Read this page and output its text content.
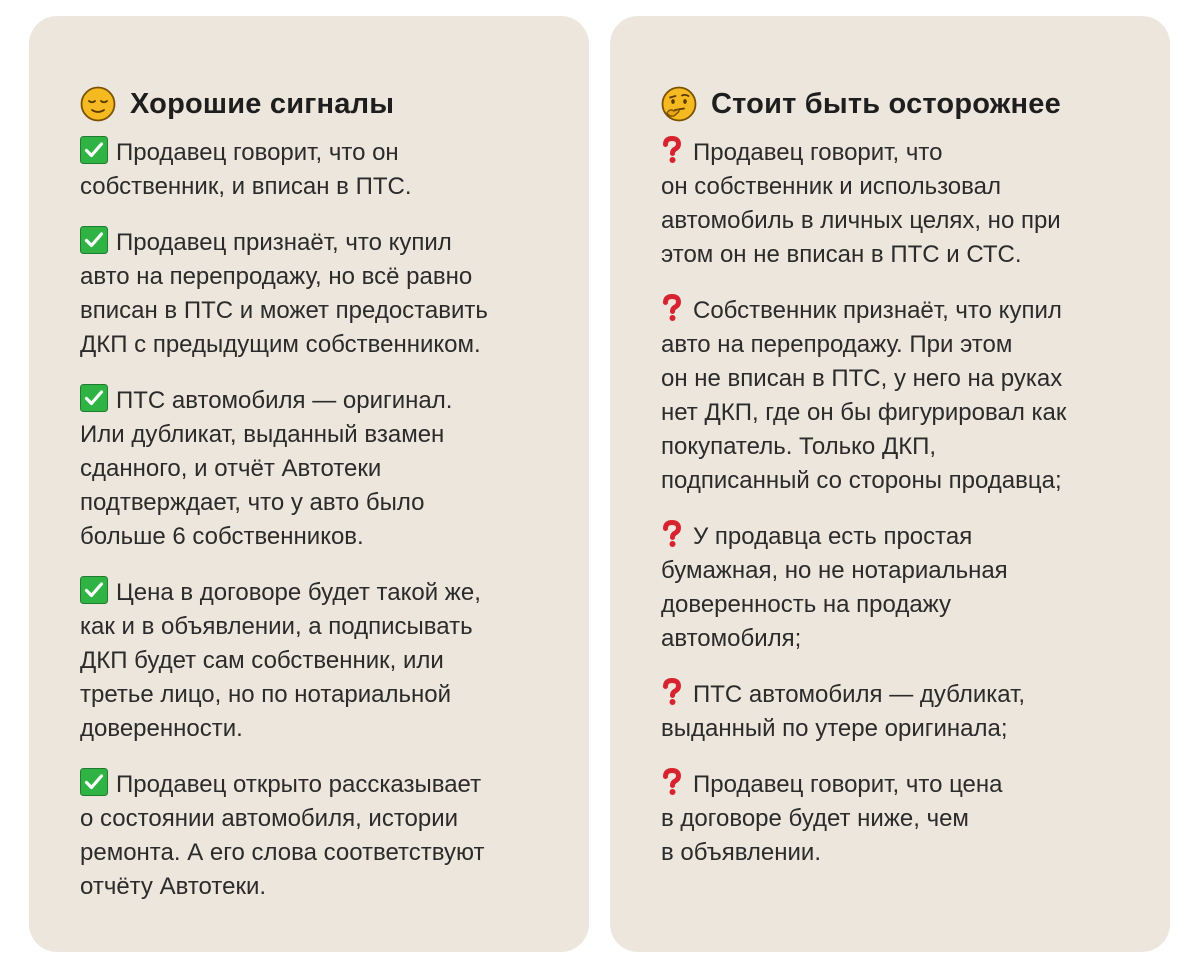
Хорошие сигналы
Продавец говорит, что он
собственник, и вписан в ПТС.
Продавец признаёт, что купил
авто на перепродажу, но всё равно
вписан в ПТС и может предоставить
ДКП с предыдущим собственником.
ПТС автомобиля — оригинал.
Или дубликат, выданный взамен
сданного, и отчёт Автотеки
подтверждает, что у авто было
больше 6 собственников.
Цена в договоре будет такой же,
как и в объявлении, а подписывать
ДКП будет сам собственник, или
третье лицо, но по нотариальной
доверенности.
Продавец открыто рассказывает
о состоянии автомобиля, истории
ремонта. А его слова соответствуют
отчёту Автотеки.
Стоит быть осторожнее
Продавец говорит, что
он собственник и использовал
автомобиль в личных целях, но при
этом он не вписан в ПТС и СТС.
Собственник признаёт, что купил
авто на перепродажу. При этом
он не вписан в ПТС, у него на руках
нет ДКП, где он бы фигурировал как
покупатель. Только ДКП,
подписанный со стороны продавца;
У продавца есть простая
бумажная, но не нотариальная
доверенность на продажу
автомобиля;
ПТС автомобиля — дубликат,
выданный по утере оригинала;
Продавец говорит, что цена
в договоре будет ниже, чем
в объявлении.
